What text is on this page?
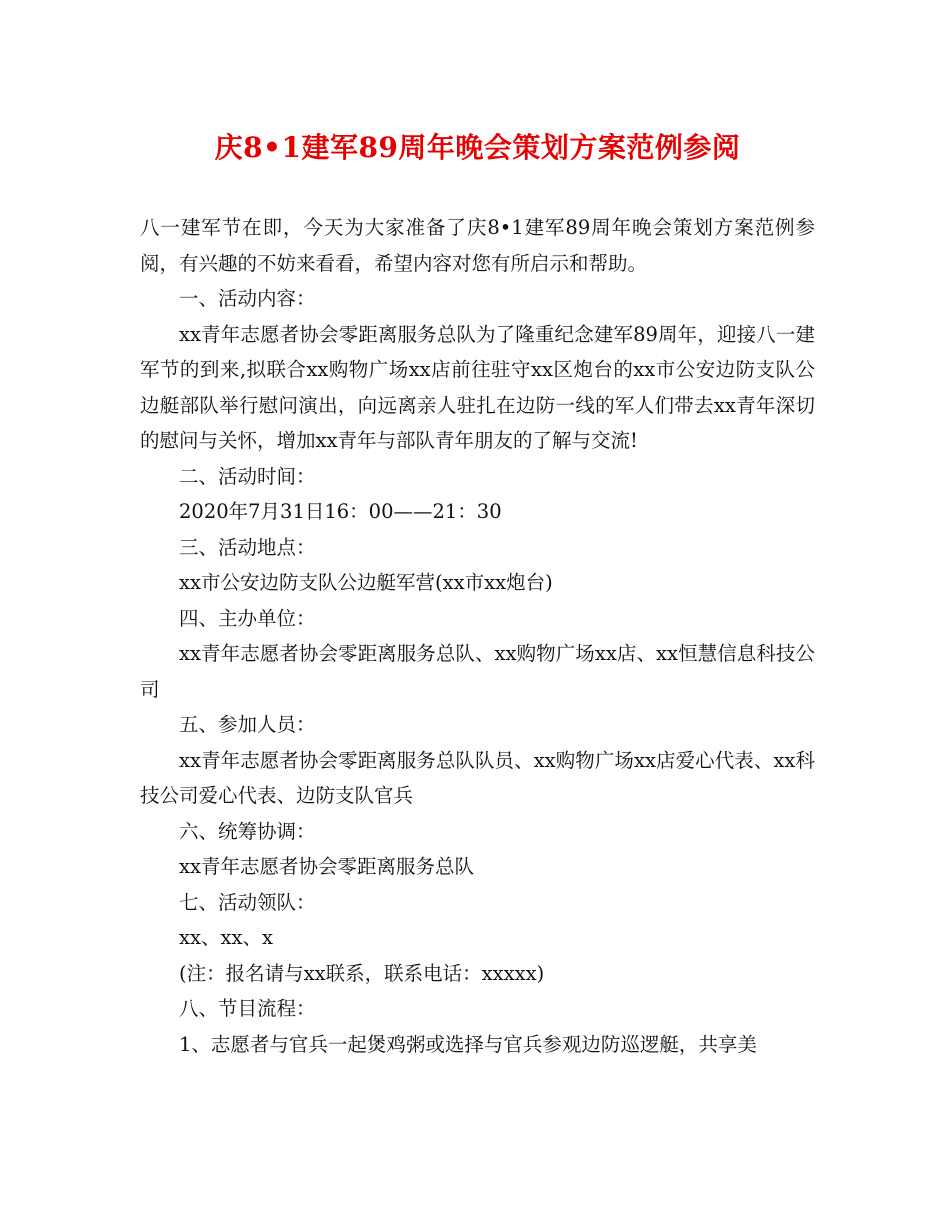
庆8•1建军89周年晚会策划方案范例参阅

八一建军节在即，今天为大家准备了庆8•1建军89周年晚会策划方案范例参阅，有兴趣的不妨来看看，希望内容对您有所启示和帮助。

一、活动内容：

xx青年志愿者协会零距离服务总队为了隆重纪念建军89周年，迎接八一建军节的到来,拟联合xx购物广场xx店前往驻守xx区炮台的xx市公安边防支队公边艇部队举行慰问演出，向远离亲人驻扎在边防一线的军人们带去xx青年深切的慰问与关怀，增加xx青年与部队青年朋友的了解与交流!

二、活动时间：

2020年7月31日16：00——21：30

三、活动地点：

xx市公安边防支队公边艇军营(xx市xx炮台)

四、主办单位：

xx青年志愿者协会零距离服务总队、xx购物广场xx店、xx恒慧信息科技公司

五、参加人员：

xx青年志愿者协会零距离服务总队队员、xx购物广场xx店爱心代表、xx科技公司爱心代表、边防支队官兵

六、统筹协调：

xx青年志愿者协会零距离服务总队

七、活动领队：

xx、xx、x

(注：报名请与xx联系，联系电话：xxxxx)

八、节目流程：

1、志愿者与官兵一起煲鸡粥或选择与官兵参观边防巡逻艇，共享美
